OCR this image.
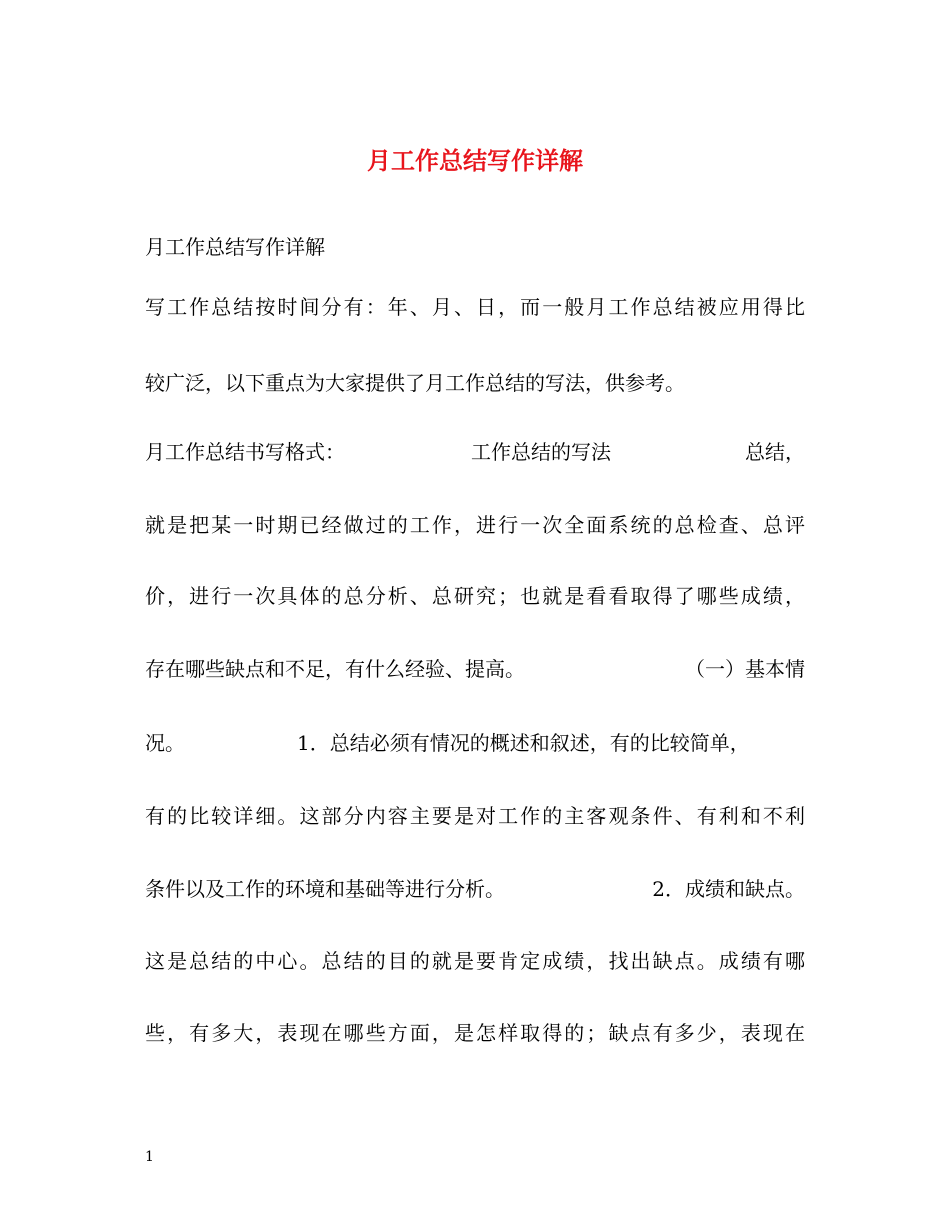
月工作总结写作详解
月工作总结写作详解
写工作总结按时间分有：年、月、日，而一般月工作总结被应用得比
较广泛，以下重点为大家提供了月工作总结的写法，供参考。
月工作总结书写格式：	工作总结的写法	总结，
就是把某一时期已经做过的工作，进行一次全面系统的总检查、总评
价，进行一次具体的总分析、总研究；也就是看看取得了哪些成绩，
存在哪些缺点和不足，有什么经验、提高。	（一）基本情
况。	1．总结必须有情况的概述和叙述，有的比较简单，
有的比较详细。这部分内容主要是对工作的主客观条件、有利和不利
条件以及工作的环境和基础等进行分析。	2．成绩和缺点。
这是总结的中心。总结的目的就是要肯定成绩，找出缺点。成绩有哪
些，有多大，表现在哪些方面，是怎样取得的；缺点有多少，表现在
1
